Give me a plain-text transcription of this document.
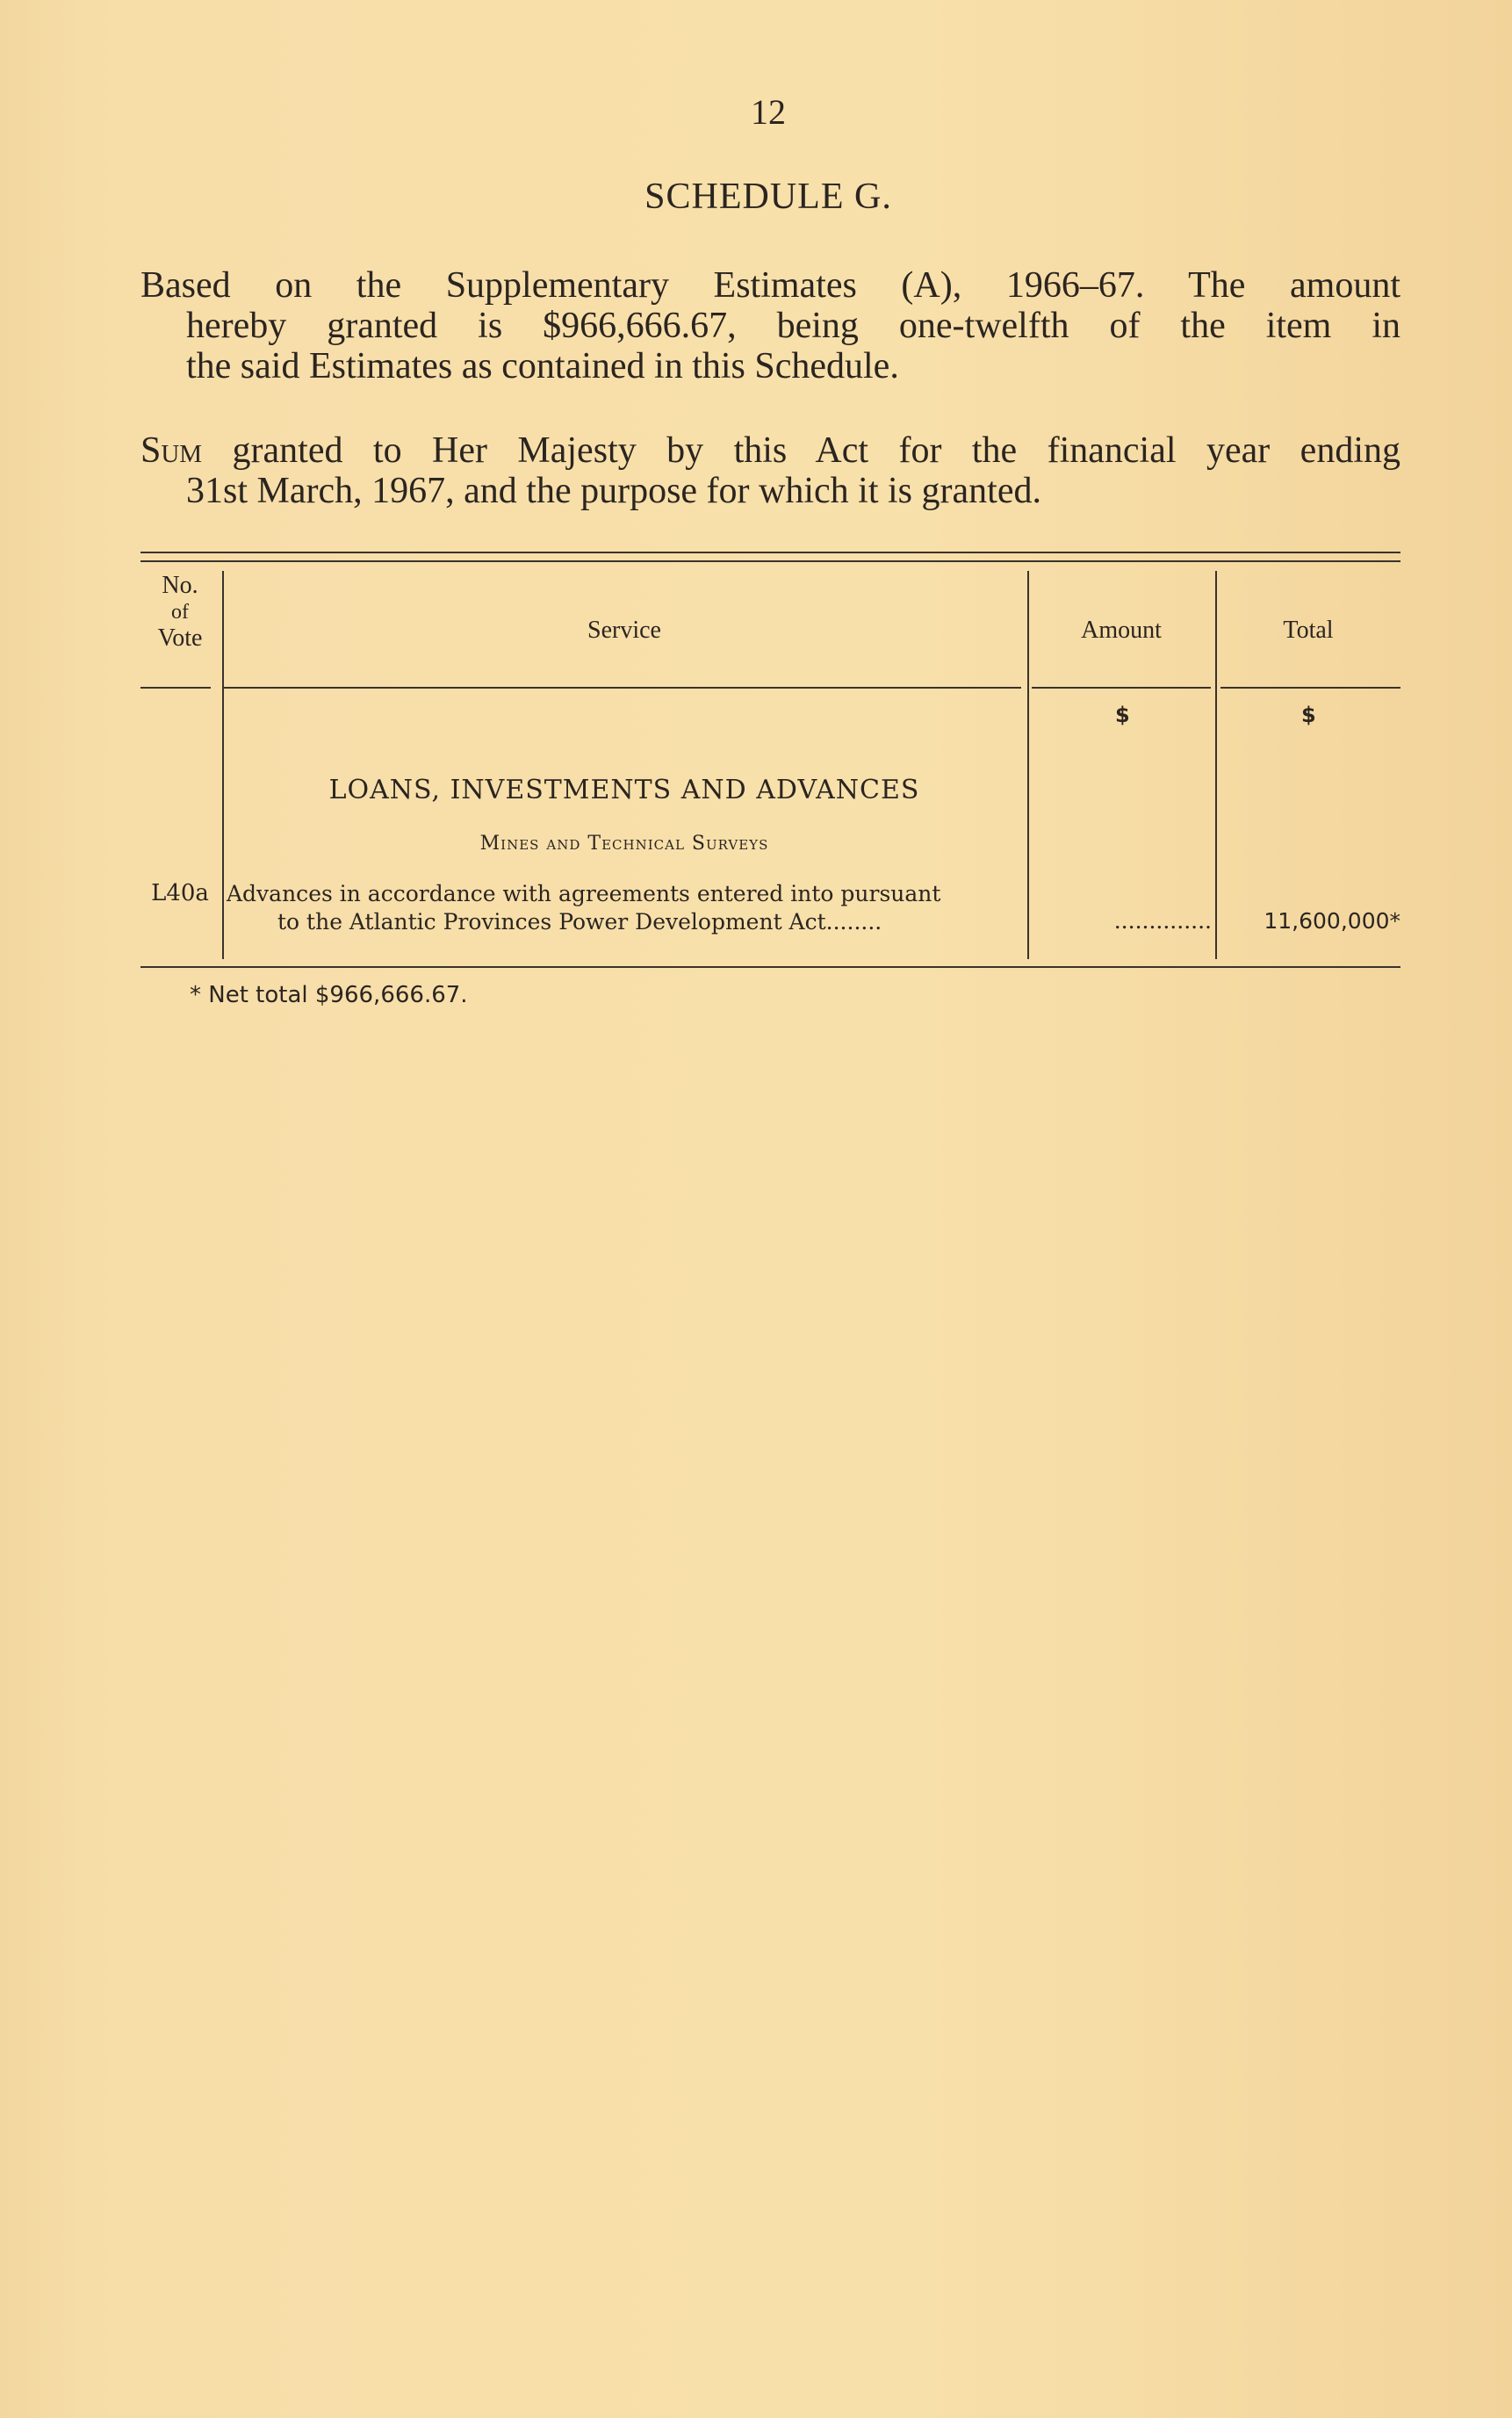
12
SCHEDULE G.
Based on the Supplementary Estimates (A), 1966–67. The amount
hereby granted is $966,666.67, being one-twelfth of the item in
the said Estimates as contained in this Schedule.
Sum granted to Her Majesty by this Act for the financial year ending
31st March, 1967, and the purpose for which it is granted.
No.
of
Vote	Service	Amount	Total
$	$
LOANS, INVESTMENTS AND ADVANCES
Mines and Technical Surveys
L40a Advances in accordance with agreements entered into pursuant
to the Atlantic Provinces Power Development Act........	..............	11,600,000*
* Net total $966,666.67.
